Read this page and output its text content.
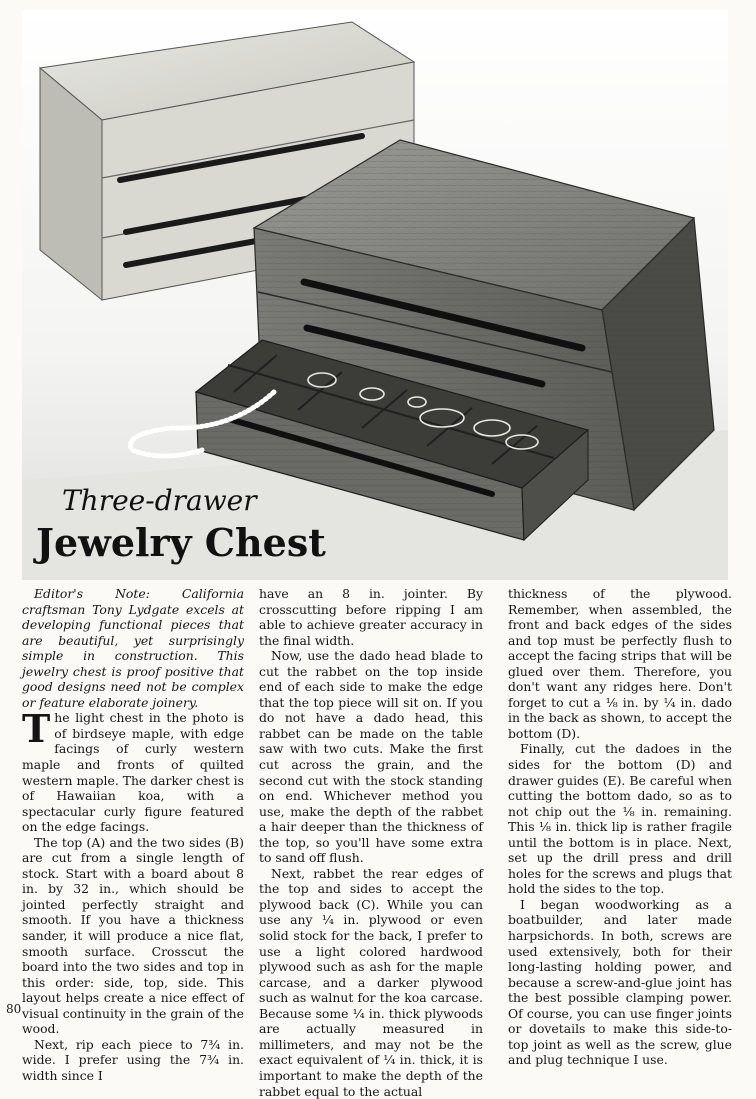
Three-drawer
Jewelry Chest

Editor's Note: California craftsman Tony Lydgate excels at developing functional pieces that are beautiful, yet surprisingly simple in construction. This jewelry chest is proof positive that good designs need not be complex or feature elaborate joinery.

The light chest in the photo is of birdseye maple, with edge facings of curly western maple and fronts of quilted western maple. The darker chest is of Hawaiian koa, with a spectacular curly figure featured on the edge facings.

The top (A) and the two sides (B) are cut from a single length of stock. Start with a board about 8 in. by 32 in., which should be jointed perfectly straight and smooth. If you have a thickness sander, it will produce a nice flat, smooth surface. Crosscut the board into the two sides and top in this order: side, top, side. This layout helps create a nice effect of visual continuity in the grain of the wood.

Next, rip each piece to 7¾ in. wide. I prefer using the 7¾ in. width since I

have an 8 in. jointer. By crosscutting before ripping I am able to achieve greater accuracy in the final width.

Now, use the dado head blade to cut the rabbet on the top inside end of each side to make the edge that the top piece will sit on. If you do not have a dado head, this rabbet can be made on the table saw with two cuts. Make the first cut across the grain, and the second cut with the stock standing on end. Whichever method you use, make the depth of the rabbet a hair deeper than the thickness of the top, so you'll have some extra to sand off flush.

Next, rabbet the rear edges of the top and sides to accept the plywood back (C). While you can use any ¼ in. plywood or even solid stock for the back, I prefer to use a light colored hardwood plywood such as ash for the maple carcase, and a darker plywood such as walnut for the koa carcase. Because some ¼ in. thick plywoods are actually measured in millimeters, and may not be the exact equivalent of ¼ in. thick, it is important to make the depth of the rabbet equal to the actual

thickness of the plywood. Remember, when assembled, the front and back edges of the sides and top must be perfectly flush to accept the facing strips that will be glued over them. Therefore, you don't want any ridges here. Don't forget to cut a ⅛ in. by ¼ in. dado in the back as shown, to accept the bottom (D).

Finally, cut the dadoes in the sides for the bottom (D) and drawer guides (E). Be careful when cutting the bottom dado, so as to not chip out the ⅛ in. remaining. This ⅛ in. thick lip is rather fragile until the bottom is in place. Next, set up the drill press and drill holes for the screws and plugs that hold the sides to the top.

I began woodworking as a boatbuilder, and later made harpsichords. In both, screws are used extensively, both for their long-lasting holding power, and because a screw-and-glue joint has the best possible clamping power. Of course, you can use finger joints or dovetails to make this side-to-top joint as well as the screw, glue and plug technique I use.

80
